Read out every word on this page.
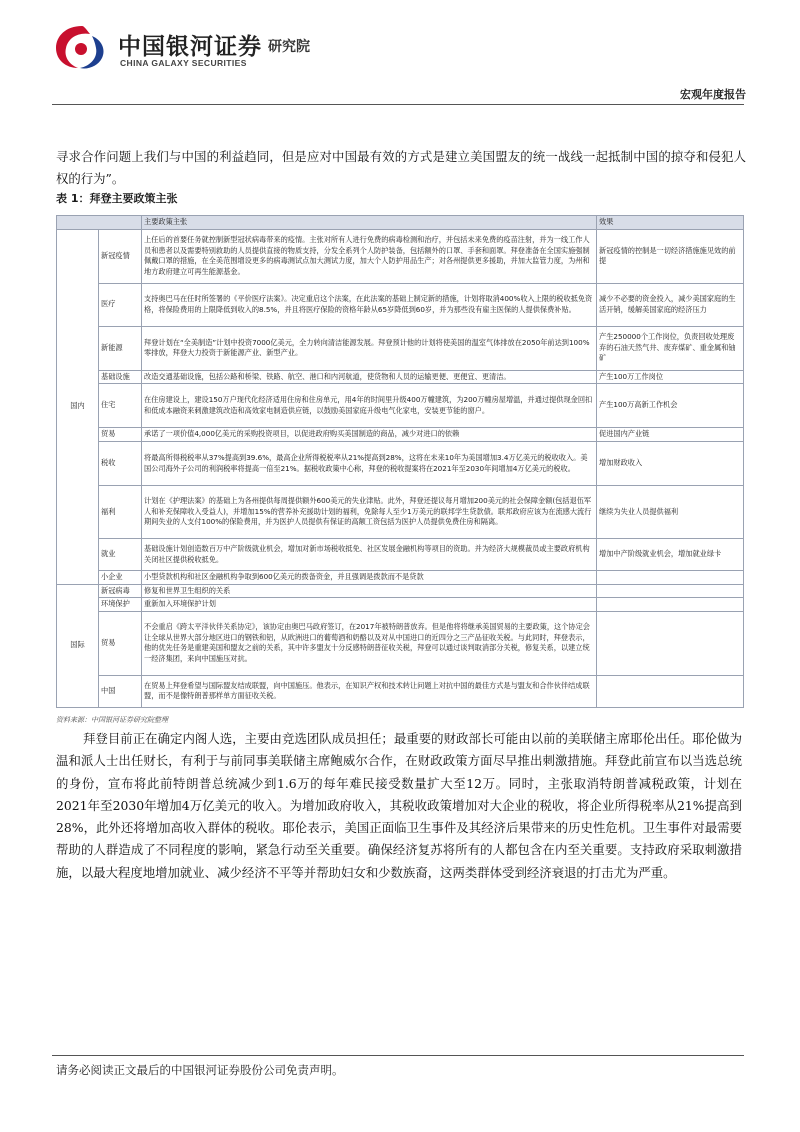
中国银河证券 研究院
CHINA GALAXY SECURITIES
宏观年度报告

寻求合作问题上我们与中国的利益趋同，但是应对中国最有效的方式是建立美国盟友的统一战线一起抵制中国的掠夺和侵犯人权的行为”。

表 1：拜登主要政策主张
		主要政策主张	效果
国内	新冠疫情	上任后的首要任务就控制新型冠状病毒带来的疫情。主张对所有人进行免费的病毒检测和治疗，并包括未来免费的疫苗注射，并为一线工作人员和患者以及需要特别救助的人员提供直接的物质支持，分发全系列个人防护装备，包括额外的口罩、手套和面罩。拜登准备在全国实施强制佩戴口罩的措施，在全美范围增设更多的病毒测试点加大测试力度，加大个人防护用品生产；对各州提供更多援助，并加大监管力度，为州和地方政府建立可再生能源基金。	新冠疫情的控制是一切经济措施施见效的前提
	医疗	支持奥巴马在任时所签署的《平价医疗法案》。决定重启这个法案，在此法案的基础上制定新的措施，计划将取消400%收入上限的税收抵免资格，将保险费用的上限降低到收入的8.5%，并且将医疗保险的资格年龄从65岁降低到60岁，并为那些没有雇主医保的人提供保费补贴。	减少不必要的资金投入，减少美国家庭的生活开销，缓解美国家庭的经济压力
	新能源	拜登计划在“全美制造”计划中投资7000亿美元，全力转向清洁能源发展。拜登预计他的计划将使美国的温室气体排放在2050年前达到100%零排放，拜登大力投资于新能源产业、新型产业。	产生250000个工作岗位，负责回收处理废弃的石油天然气井、废弃煤矿、重金属和铀矿
	基础设施	改造交通基础设施，包括公路和桥梁、铁路、航空、港口和内河航道，使货物和人员的运输更便、更便宜、更清洁。	产生100万工作岗位
	住宅	在住房建设上，建设150万户现代化经济适用住房和住房单元，用4年的时间里升级400万幢建筑，为200万幢房屋增温，并通过提供现金回扣和低成本融资来刺激建筑改造和高效家电制造供应链，以鼓励美国家庭升级电气化家电，安装更节能的窗户。	产生100万高新工作机会
	贸易	承诺了一项价值4,000亿美元的采购投资项目，以促进政府购买美国制造的商品，减少对进口的依赖	促进国内产业链
	税收	将最高所得税税率从37%提高到39.6%，最高企业所得税税率从21%提高到28%，这将在未来10年为美国增加3.4万亿美元的税收收入。美国公司海外子公司的利润税率将提高一倍至21%。据税收政策中心称，拜登的税收提案将在2021年至2030年间增加4万亿美元的税收。	增加财政收入
	福利	计划在《护理法案》的基础上为各州提供每周提供额外600美元的失业津贴。此外，拜登还提议每月增加200美元的社会保障金额(包括退伍军人和补充保障收入受益人)，并增加15%的营养补充援助计划的福利，免除每人至少1万美元的联邦学生贷款债。联邦政府应该为在流感大流行期间失业的人支付100%的保险费用，并为医护人员提供有保证的高额工资包括为医护人员提供免费住房和隔离。	继续为失业人员提供福利
	就业	基础设施计划创造数百万中产阶级就业机会，增加对新市场税收抵免、社区发展金融机构等项目的资助。并为经济大规模裁员或主要政府机构关闭社区提供税收抵免。	增加中产阶级就业机会，增加就业绿卡
	小企业	小型贷款机构和社区金融机构争取到600亿美元的拨备资金，并且强调是拨款而不是贷款	
国际	新冠病毒	修复和世界卫生组织的关系	
	环境保护	重新加入环境保护计划	
	贸易	不会重启《跨太平洋伙伴关系协定》，该协定由奥巴马政府签订，在2017年被特朗普放弃。但是他将将继承美国贸易的主要政策，这个协定会让全球从世界大部分地区进口的钢铁和铝，从欧洲进口的葡萄酒和奶酪以及对从中国进口的近四分之三产品征收关税。与此同时，拜登表示，他的优先任务是重建美国和盟友之前的关系，其中许多盟友十分反感特朗普征收关税，拜登可以通过谈判取消部分关税，修复关系，以建立统一经济集团，来向中国施压对抗。	
	中国	在贸易上拜登希望与国际盟友结成联盟，向中国施压。他表示，在知识产权和技术转让问题上对抗中国的最佳方式是与盟友和合作伙伴结成联盟，而不是像特朗普那样单方面征收关税。	
资料来源：中国银河证券研究院整理

拜登目前正在确定内阁人选，主要由竞选团队成员担任；最重要的财政部长可能由以前的美联储主席耶伦出任。耶伦做为温和派人士出任财长，有利于与前同事美联储主席鲍威尔合作，在财政政策方面尽早推出刺激措施。拜登此前宣布以当选总统的身份，宣布将此前特朗普总统减少到1.6万的每年难民接受数量扩大至12万。同时，主张取消特朗普减税政策，计划在2021年至2030年增加4万亿美元的收入。为增加政府收入，其税收政策增加对大企业的税收，将企业所得税率从21%提高到28%，此外还将增加高收入群体的税收。耶伦表示，美国正面临卫生事件及其经济后果带来的历史性危机。卫生事件对最需要帮助的人群造成了不同程度的影响，紧急行动至关重要。确保经济复苏将所有的人都包含在内至关重要。支持政府采取刺激措施，以最大程度地增加就业、减少经济不平等并帮助妇女和少数族裔，这两类群体受到经济衰退的打击尤为严重。

请务必阅读正文最后的中国银河证券股份公司免责声明。
